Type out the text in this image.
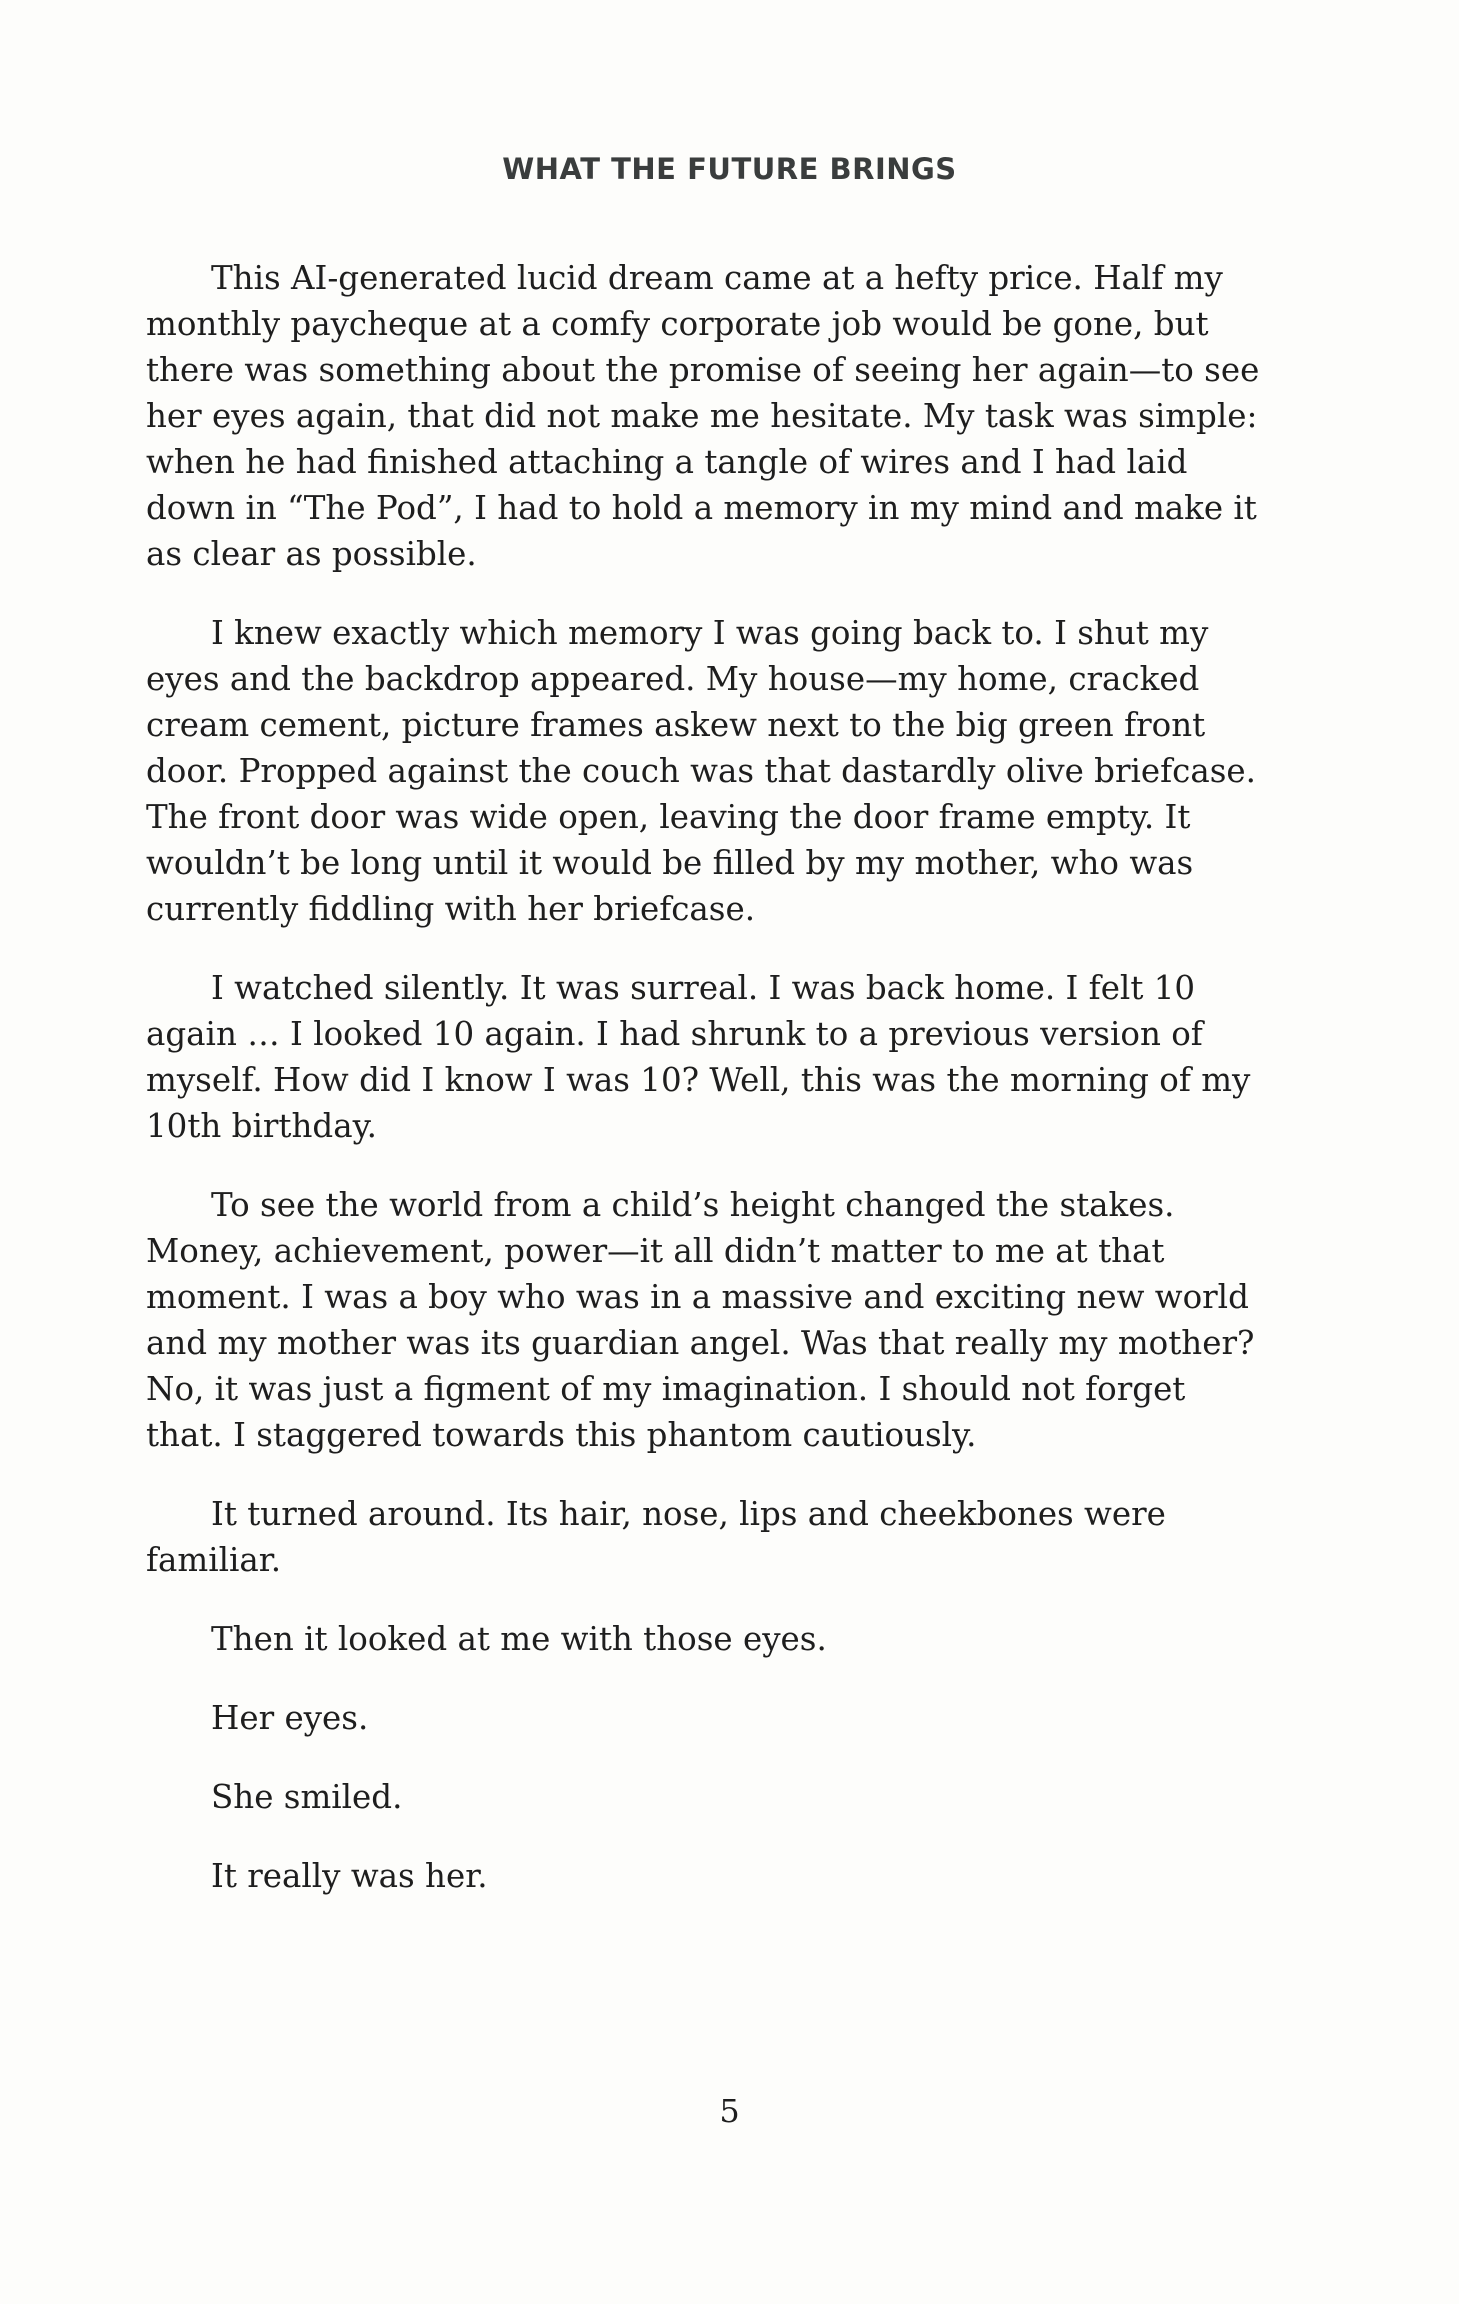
WHAT THE FUTURE BRINGS

This AI-generated lucid dream came at a hefty price. Half my monthly paycheque at a comfy corporate job would be gone, but there was something about the promise of seeing her again—to see her eyes again, that did not make me hesitate. My task was simple: when he had finished attaching a tangle of wires and I had laid down in “The Pod”, I had to hold a memory in my mind and make it as clear as possible.

I knew exactly which memory I was going back to. I shut my eyes and the backdrop appeared. My house—my home, cracked cream cement, picture frames askew next to the big green front door. Propped against the couch was that dastardly olive briefcase. The front door was wide open, leaving the door frame empty. It wouldn’t be long until it would be filled by my mother, who was currently fiddling with her briefcase.

I watched silently. It was surreal. I was back home. I felt 10 again … I looked 10 again. I had shrunk to a previous version of myself. How did I know I was 10? Well, this was the morning of my 10th birthday.

To see the world from a child’s height changed the stakes. Money, achievement, power—it all didn’t matter to me at that moment. I was a boy who was in a massive and exciting new world and my mother was its guardian angel. Was that really my mother? No, it was just a figment of my imagination. I should not forget that. I staggered towards this phantom cautiously.

It turned around. Its hair, nose, lips and cheekbones were familiar.

Then it looked at me with those eyes.

Her eyes.

She smiled.

It really was her.

5
